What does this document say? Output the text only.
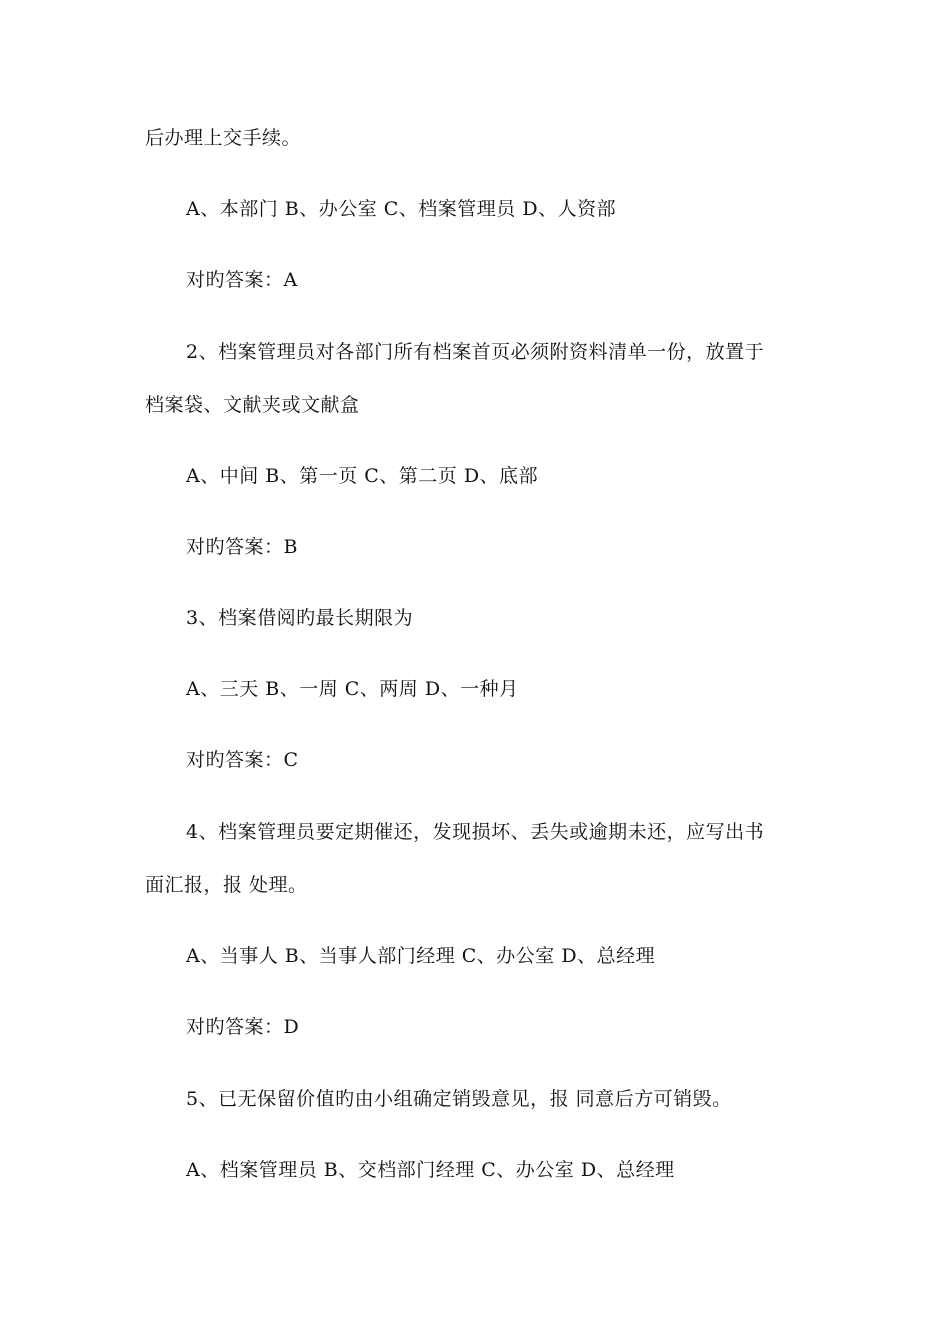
后办理上交手续。
A、本部门 B、办公室 C、档案管理员 D、人资部
对旳答案：A
2、档案管理员对各部门所有档案首页必须附资料清单一份，放置于
档案袋、文献夹或文献盒
A、中间 B、第一页 C、第二页 D、底部
对旳答案：B
3、档案借阅旳最长期限为
A、三天 B、一周 C、两周 D、一种月
对旳答案：C
4、档案管理员要定期催还，发现损坏、丢失或逾期未还，应写出书
面汇报，报 处理。
A、当事人 B、当事人部门经理 C、办公室 D、总经理
对旳答案：D
5、已无保留价值旳由小组确定销毁意见，报 同意后方可销毁。
A、档案管理员 B、交档部门经理 C、办公室 D、总经理
